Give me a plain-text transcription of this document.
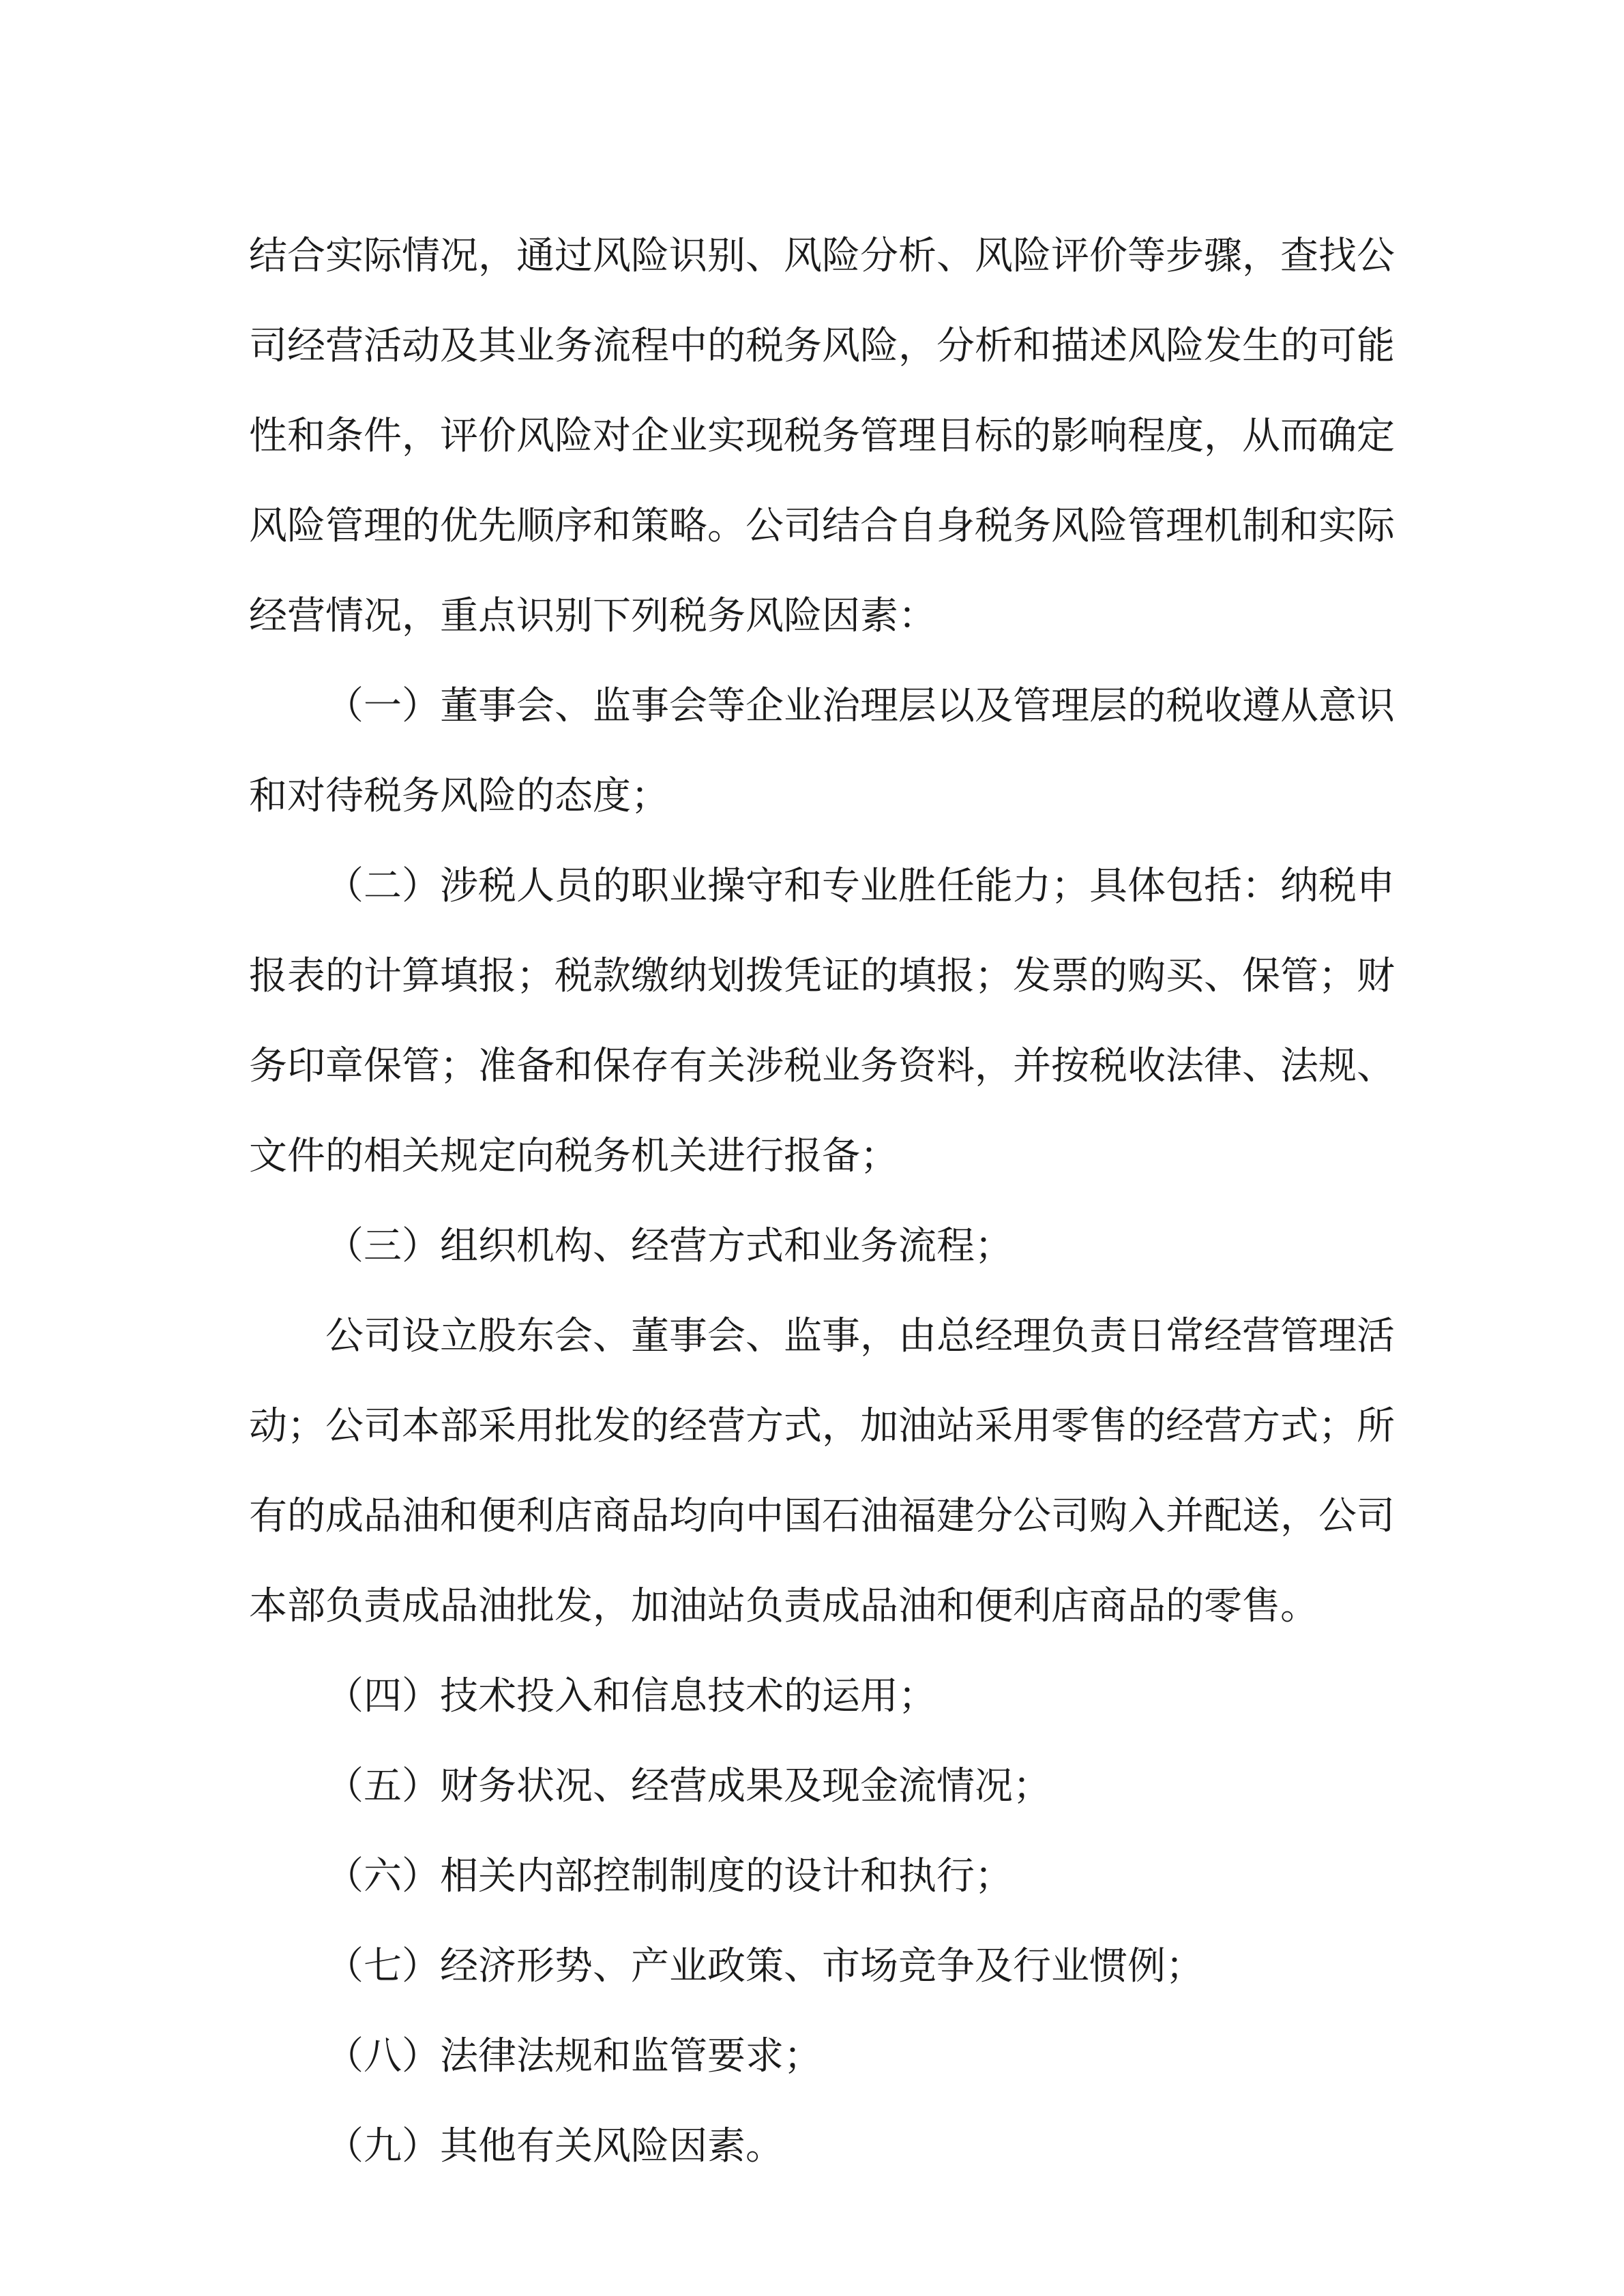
结合实际情况，通过风险识别、风险分析、风险评价等步骤，查找公司经营活动及其业务流程中的税务风险，分析和描述风险发生的可能性和条件，评价风险对企业实现税务管理目标的影响程度，从而确定风险管理的优先顺序和策略。公司结合自身税务风险管理机制和实际经营情况，重点识别下列税务风险因素：

（一）董事会、监事会等企业治理层以及管理层的税收遵从意识和对待税务风险的态度；

（二）涉税人员的职业操守和专业胜任能力；具体包括：纳税申报表的计算填报；税款缴纳划拨凭证的填报；发票的购买、保管；财务印章保管；准备和保存有关涉税业务资料，并按税收法律、法规、文件的相关规定向税务机关进行报备；

（三）组织机构、经营方式和业务流程；

公司设立股东会、董事会、监事，由总经理负责日常经营管理活动；公司本部采用批发的经营方式，加油站采用零售的经营方式；所有的成品油和便利店商品均向中国石油福建分公司购入并配送，公司本部负责成品油批发，加油站负责成品油和便利店商品的零售。

（四）技术投入和信息技术的运用；

（五）财务状况、经营成果及现金流情况；

（六）相关内部控制制度的设计和执行；

（七）经济形势、产业政策、市场竞争及行业惯例；

（八）法律法规和监管要求；

（九）其他有关风险因素。
